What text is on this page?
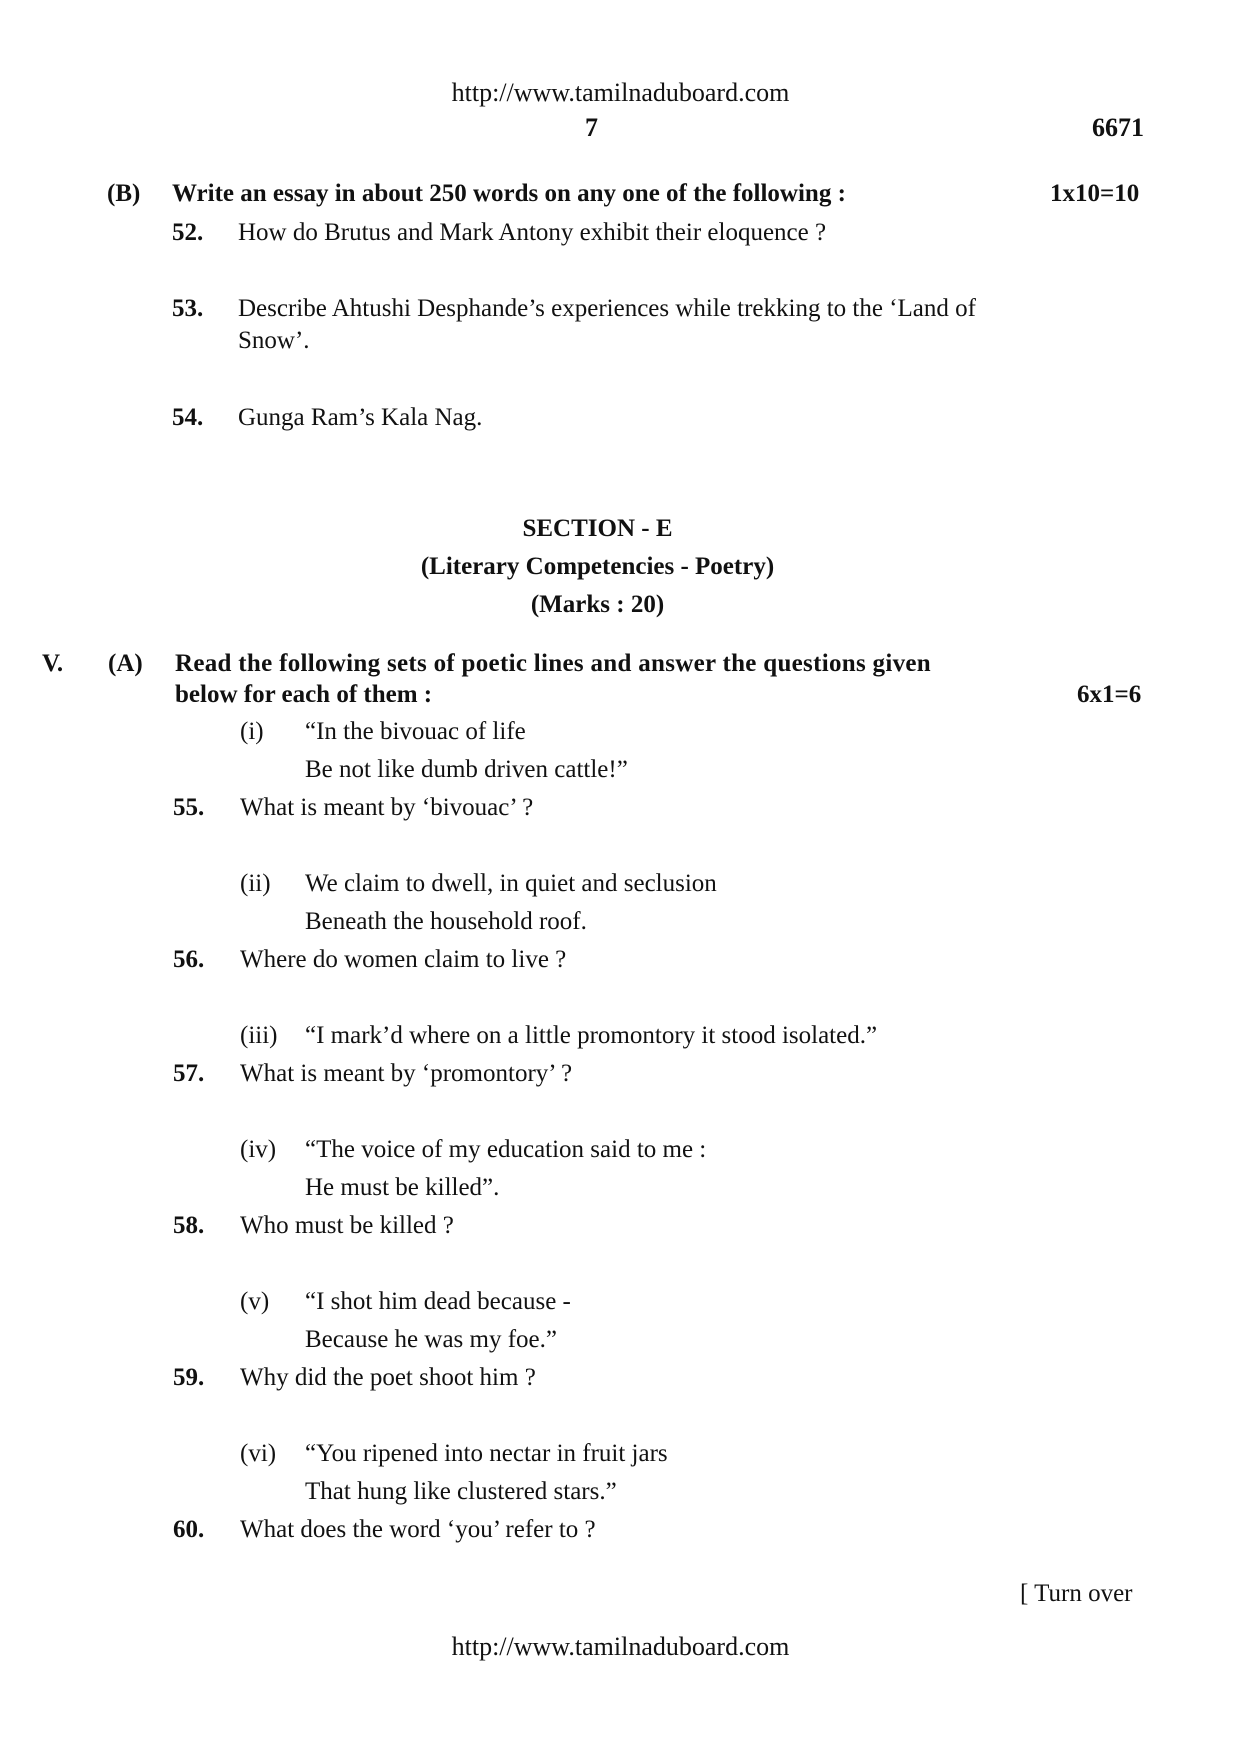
http://www.tamilnaduboard.com
7	6671
(B) Write an essay in about 250 words on any one of the following :	1x10=10
52. How do Brutus and Mark Antony exhibit their eloquence ?
53. Describe Ahtushi Desphande’s experiences while trekking to the ‘Land of
Snow’.
54. Gunga Ram’s Kala Nag.
SECTION - E
(Literary Competencies - Poetry)
(Marks : 20)
V. (A) Read the following sets of poetic lines and answer the questions given
below for each of them :	6x1=6
(i) “In the bivouac of life
Be not like dumb driven cattle!”
55. What is meant by ‘bivouac’ ?
(ii) We claim to dwell, in quiet and seclusion
Beneath the household roof.
56. Where do women claim to live ?
(iii) “I mark’d where on a little promontory it stood isolated.”
57. What is meant by ‘promontory’ ?
(iv) “The voice of my education said to me :
He must be killed”.
58. Who must be killed ?
(v) “I shot him dead because -
Because he was my foe.”
59. Why did the poet shoot him ?
(vi) “You ripened into nectar in fruit jars
That hung like clustered stars.”
60. What does the word ‘you’ refer to ?
[ Turn over
http://www.tamilnaduboard.com
